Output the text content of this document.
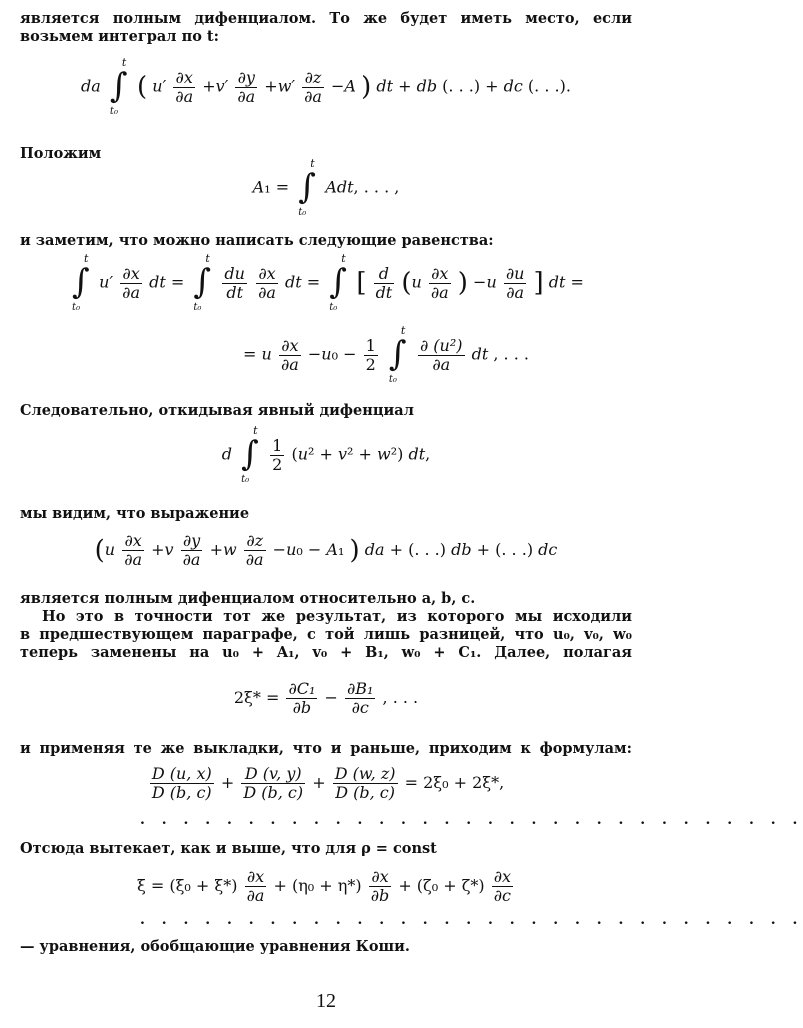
является полным дифенциалом. То же будет иметь место, если
возьмем интеграл по t:
da ∫
t
t₀
( $u' \frac{\partial x}{\partial a} +v' \frac{\partial y}{\partial a} +w' \frac{\partial z}{\partial a} -A$ ) dt + db (. . .) + dc (. . .).
Положим
A₁ = ∫
t
t₀
Adt, . . . ,
и заметим, что можно написать следующие равенства:
∫
t
t₀
$u' \frac{\partial x}{\partial a}$ dt = ∫
t
t₀

$\frac{du}{dt}$
$\frac{\partial x}{\partial a}$ dt = ∫
t
t₀
[ $\frac{d}{dt} (u \frac{\partial x}{\partial a}$ ) $-u \frac{\partial u}{\partial a}$ ] dt =
= u $\frac{\partial x}{\partial a} -u_0 - \frac{1}{2}$
∫
t
t₀

$\frac{\text{∂ (u²)}}{\partial a}$ dt , . . .
Следовательно, откидывая явный дифенциал
d ∫
t
t₀

$\frac{1}{2} (u^2 + v^2 + w^2)$ dt,
мы видим, что выражение
($u \frac{\partial x}{\partial a} +v \frac{\partial y}{\partial a} +w \frac{\partial z}{\partial a} -u_0 - A_1$ ) da + (. . .) db + (. . .) dc
является полным дифенциалом относительно a, b, c.
Но это в точности тот же результат, из которого мы исходили
в предшествующем параграфе, с той лишь разницей, что u₀, v₀, w₀
теперь заменены на u₀ + A₁, v₀ + B₁, w₀ + C₁. Далее, полагая
$2\xi* = \frac{\text{∂C₁}}{\partial b} - \frac{\text{∂B₁}}{\partial c}$ , . . .
и применяя те же выкладки, что и раньше, приходим к формулам:
$\frac{D (u, x)}{D (b, c)} + \frac{D (v, y)}{D (b, c)} + \frac{D (w, z)}{D (b, c)} = 2\xi_0 + 2\xi*$,
. . . . . . . . . . . . . . . . . . . . . . . . . . . . . . .
Отсюда вытекает, как и выше, что для ρ = const
$\xi = (\xi_0 + \xi*) \frac{\partial x}{\partial a} + (\eta_0 + \eta*) \frac{\partial x}{\partial b} + (\zeta_0 + \zeta*) \frac{\partial x}{\partial c}$
. . . . . . . . . . . . . . . . . . . . . . . . . . . . . . .
— уравнения, обобщающие уравнения Коши.
12
